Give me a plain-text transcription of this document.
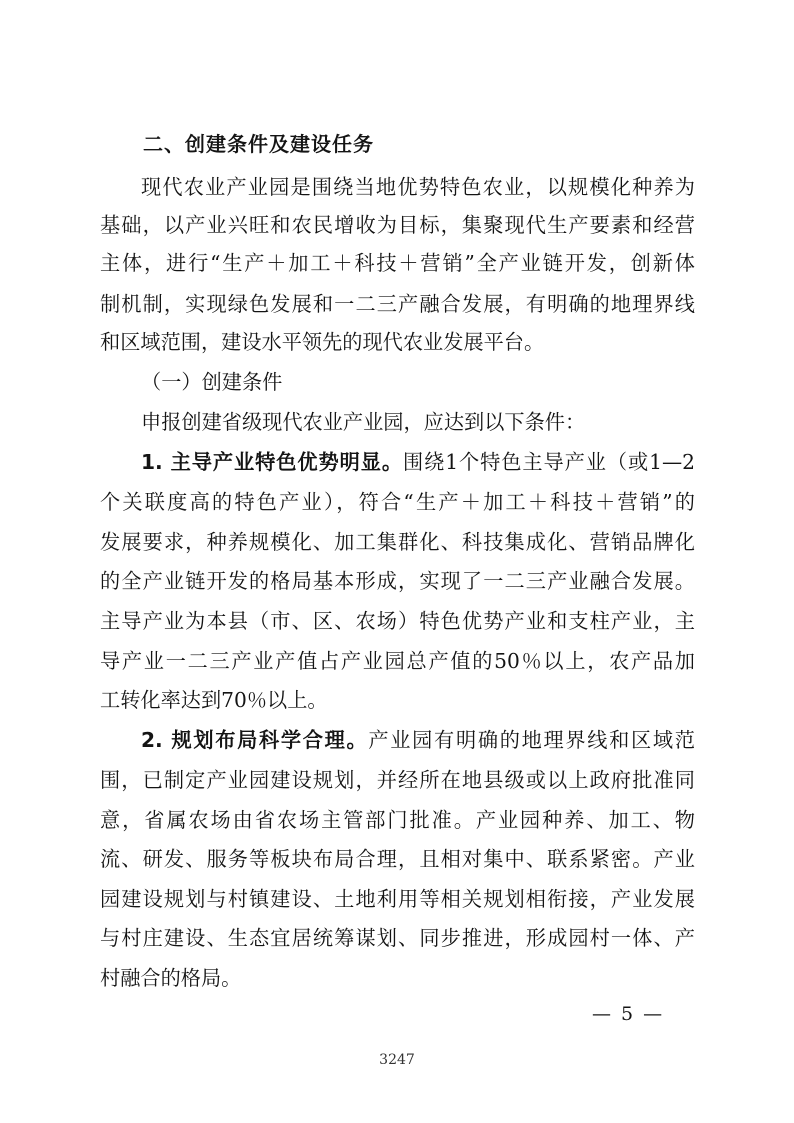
二、创建条件及建设任务
现代农业产业园是围绕当地优势特色农业，以规模化种养为
基础，以产业兴旺和农民增收为目标，集聚现代生产要素和经营
主体，进行“生产＋加工＋科技＋营销”全产业链开发，创新体
制机制，实现绿色发展和一二三产融合发展，有明确的地理界线
和区域范围，建设水平领先的现代农业发展平台。
（一）创建条件
申报创建省级现代农业产业园，应达到以下条件：
1. 主导产业特色优势明显。围绕1个特色主导产业（或1—2
个关联度高的特色产业），符合“生产＋加工＋科技＋营销”的
发展要求，种养规模化、加工集群化、科技集成化、营销品牌化
的全产业链开发的格局基本形成，实现了一二三产业融合发展。
主导产业为本县（市、区、农场）特色优势产业和支柱产业，主
导产业一二三产业产值占产业园总产值的50％以上，农产品加
工转化率达到70％以上。
2. 规划布局科学合理。产业园有明确的地理界线和区域范
围，已制定产业园建设规划，并经所在地县级或以上政府批准同
意，省属农场由省农场主管部门批准。产业园种养、加工、物
流、研发、服务等板块布局合理，且相对集中、联系紧密。产业
园建设规划与村镇建设、土地利用等相关规划相衔接，产业发展
与村庄建设、生态宜居统筹谋划、同步推进，形成园村一体、产
村融合的格局。
— 5 —
3247
